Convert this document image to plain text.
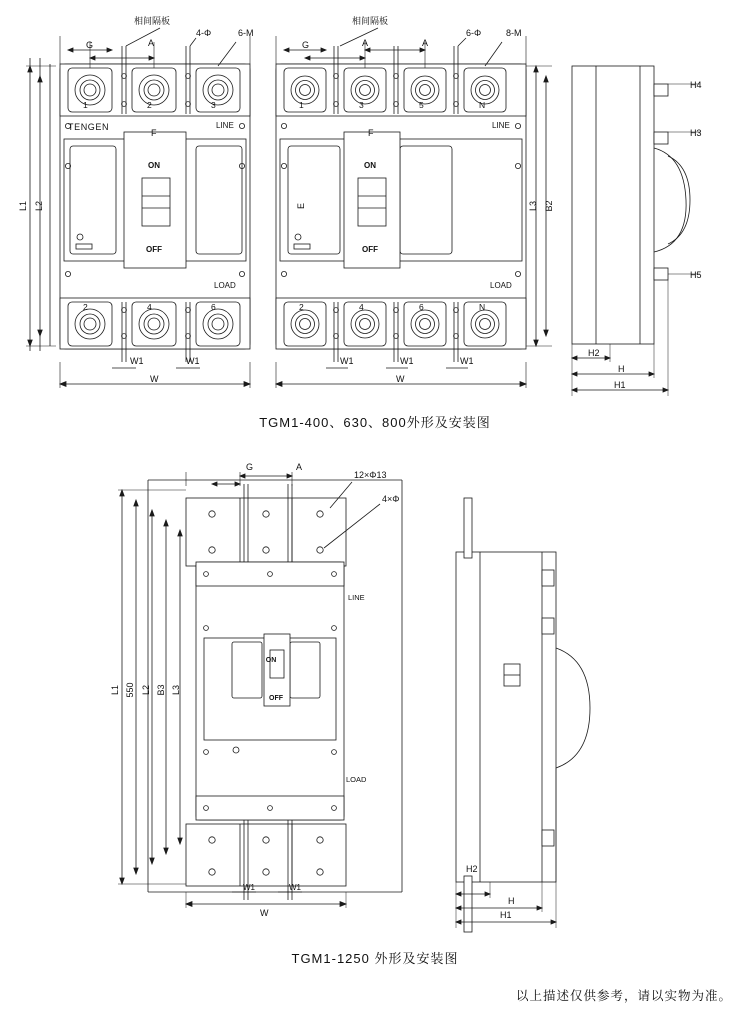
1	2	3
2	4	6
1	3	5	N
2	4	6	N
TENGEN	LINE
LOAD
ON
OFF
LINE
LOAD
ON
OFF
相间隔板	相间隔板
4-Φ	6-M	6-Φ	8-M
G	A	G	A	A
F	F
W1	W1	W1	W1	W1
W	W
H2
H
H1
H4
H3
H5
L1 L2	E	L3 B2
TGM1-400、630、800外形及安装图
G	A
12×Φ13
4×Φ
L1 550 L2 B3 L3
LINE
LOAD
ON
OFF
W1	W1
W
H2
H
H1
TGM1-1250 外形及安装图
以上描述仅供参考，请以实物为准。
